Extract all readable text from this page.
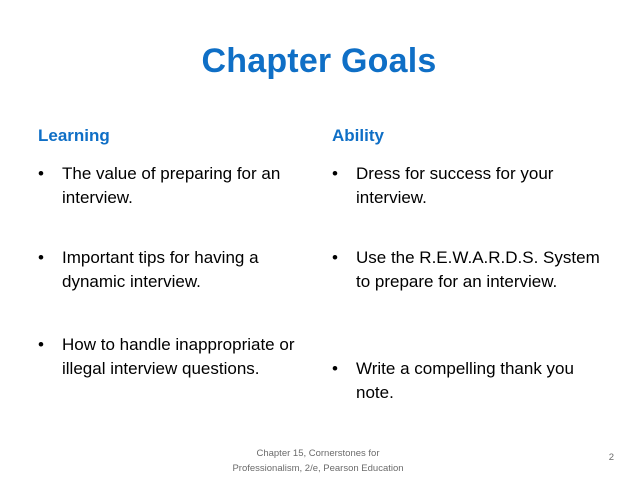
Chapter Goals
Learning	Ability
• The value of preparing for an interview.
• Important tips for having a dynamic interview.
• How to handle inappropriate or illegal interview questions.
• Dress for success for your interview.
• Use the R.E.W.A.R.D.S. System to prepare for an interview.
• Write a compelling thank you note.
Chapter 15, Cornerstones for
Professionalism, 2/e, Pearson Education
2
